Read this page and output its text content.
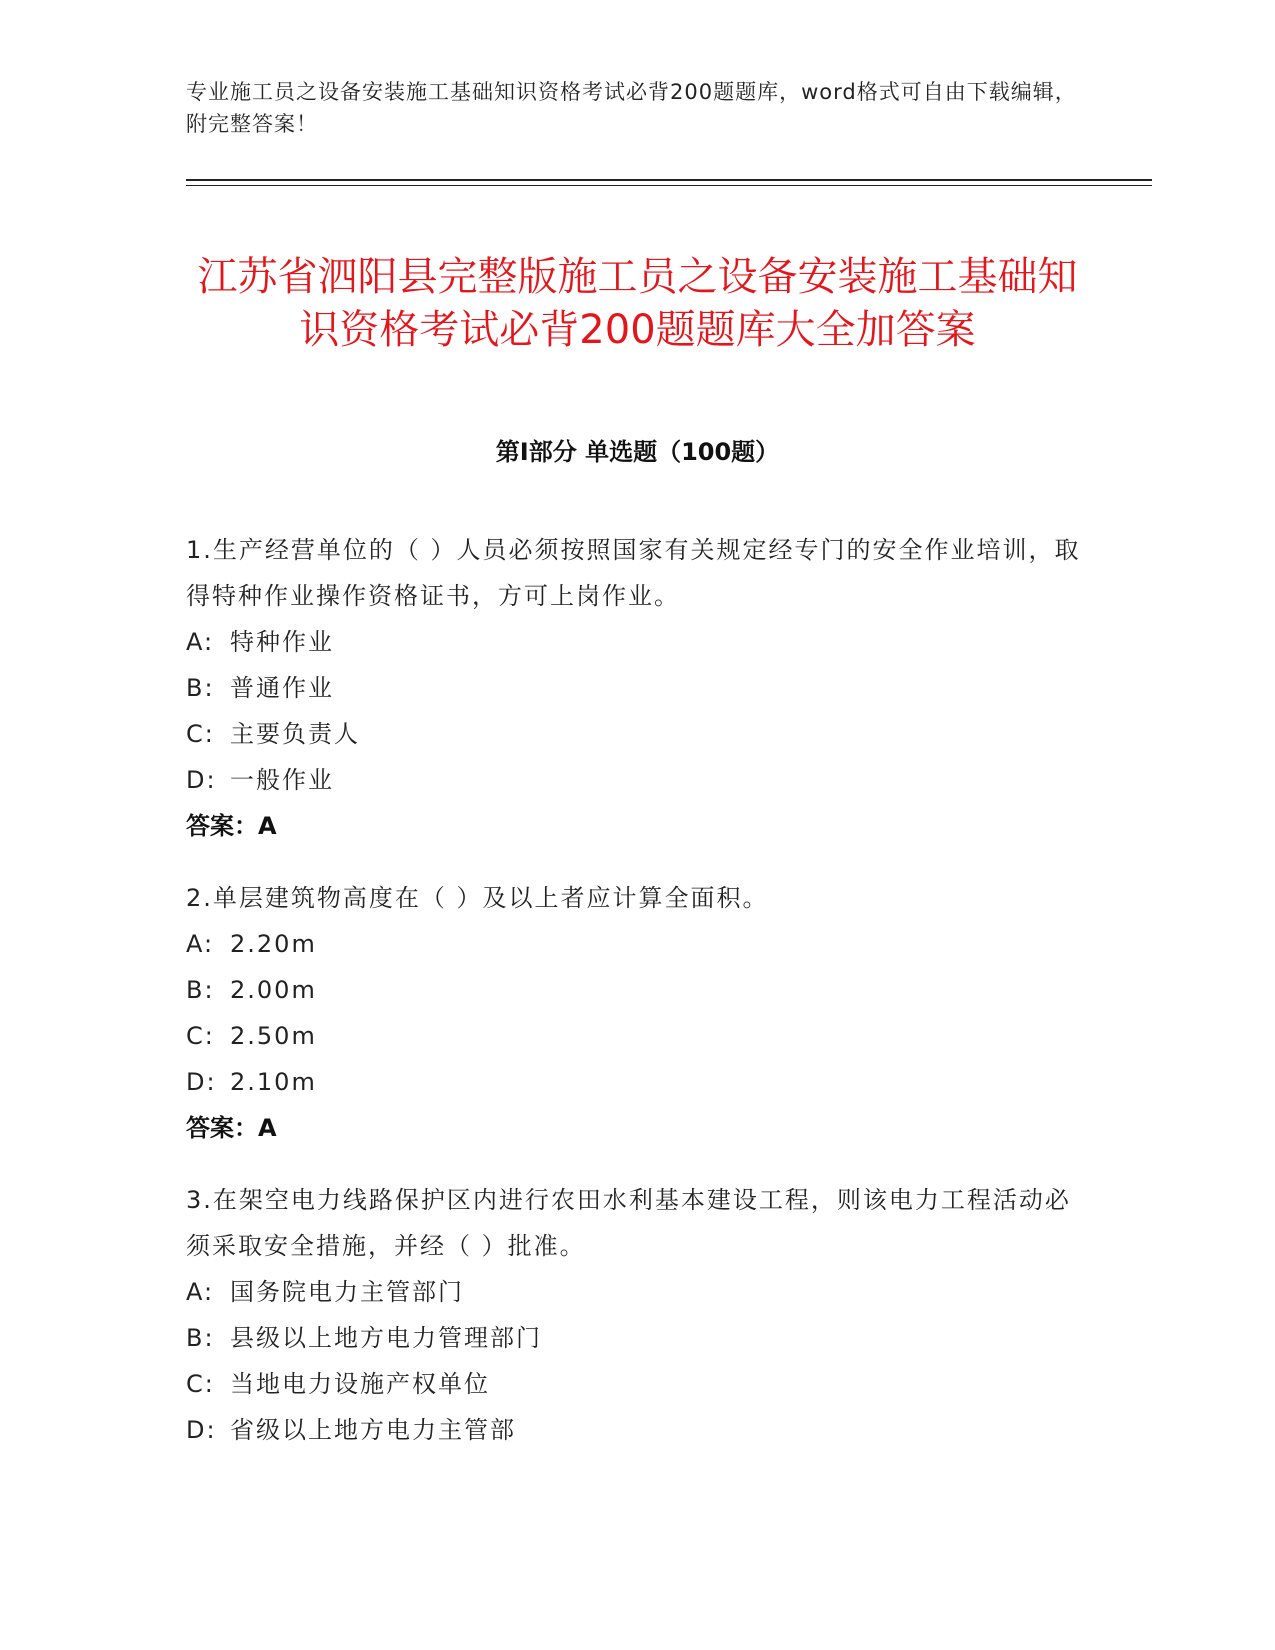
专业施工员之设备安装施工基础知识资格考试必背200题题库，word格式可自由下载编辑，附完整答案！
江苏省泗阳县完整版施工员之设备安装施工基础知识资格考试必背200题题库大全加答案
第Ⅰ部分 单选题（100题）

1.生产经营单位的（ ）人员必须按照国家有关规定经专门的安全作业培训，取得特种作业操作资格证书，方可上岗作业。

A: 特种作业

B: 普通作业

C: 主要负责人

D: 一般作业

答案：A

2.单层建筑物高度在（ ）及以上者应计算全面积。

A: 2.20m

B: 2.00m

C: 2.50m

D: 2.10m

答案：A

3.在架空电力线路保护区内进行农田水利基本建设工程，则该电力工程活动必须采取安全措施，并经（ ）批准。

A: 国务院电力主管部门

B: 县级以上地方电力管理部门

C: 当地电力设施产权单位

D: 省级以上地方电力主管部
